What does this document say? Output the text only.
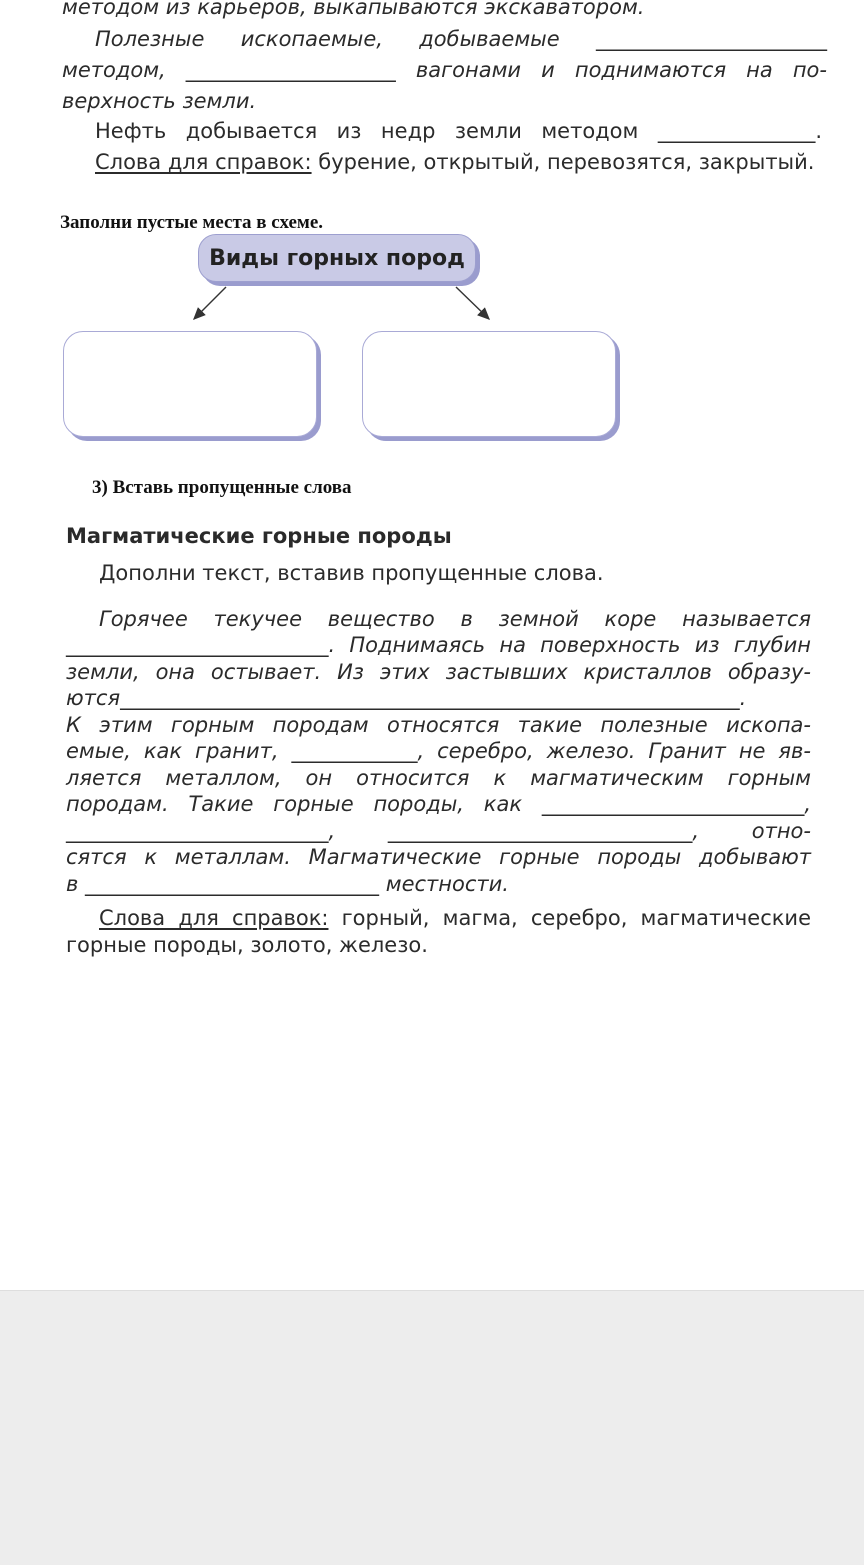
методом из карьеров, выкапываются экскаватором.
Полезные ископаемые, добываемые ______________________
методом, ____________________ вагонами и поднимаются на по-
верхность земли.
Нефть добывается из недр земли методом _______________.
Слова для справок: бурение, открытый, перевозятся, закрытый.
Заполни пустые места в схеме.
Виды горных пород
3) Вставь пропущенные слова
Магматические горные породы
Дополни текст, вставив пропущенные слова.
Горячее текучее вещество в земной коре называется
_________________________. Поднимаясь на поверхность из глубин
земли, она остывает. Из этих застывших кристаллов образу-
ются___________________________________________________________.
К этим горным породам относятся такие полезные ископа-
емые, как гранит, ____________, серебро, железо. Гранит не яв-
ляется металлом, он относится к магматическим горным
породам. Такие горные породы, как _________________________,
_________________________, _____________________________, отно-
сятся к металлам. Магматические горные породы добывают
в ____________________________ местности.
Слова для справок: горный, магма, серебро, магматические
горные породы, золото, железо.
